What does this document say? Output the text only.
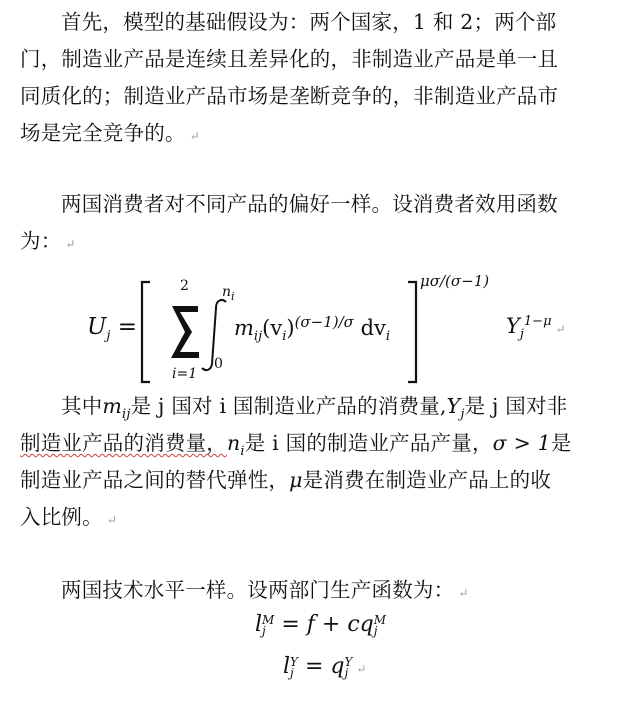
首先，模型的基础假设为：两个国家，1 和 2；两个部
门，制造业产品是连续且差异化的，非制造业产品是单一且
同质化的；制造业产品市场是垄断竞争的，非制造业产品市
场是完全竞争的。 ↵
两国消费者对不同产品的偏好一样。设消费者效用函数
为： ↵
$U_j$ =
2
i=1
$n_i$
0
$m_{ij}(v_i)^{(\sigma-1)/\sigma}$ $dv_i$
μσ/(σ−1)
$Y_j^{1-\mu}$ ↵
其中$m_{ij}$是 j 国对 i 国制造业产品的消费量$,Y_j$是 j 国对非
制造业产品的消费量，$n_i$是 i 国的制造业产品产量，σ > 1是
制造业产品之间的替代弹性，μ是消费在制造业产品上的收
入比例。 ↵
两国技术水平一样。设两部门生产函数为： ↵
l M
j = f + cq M
j
l Y
j = q Y
j ↵
